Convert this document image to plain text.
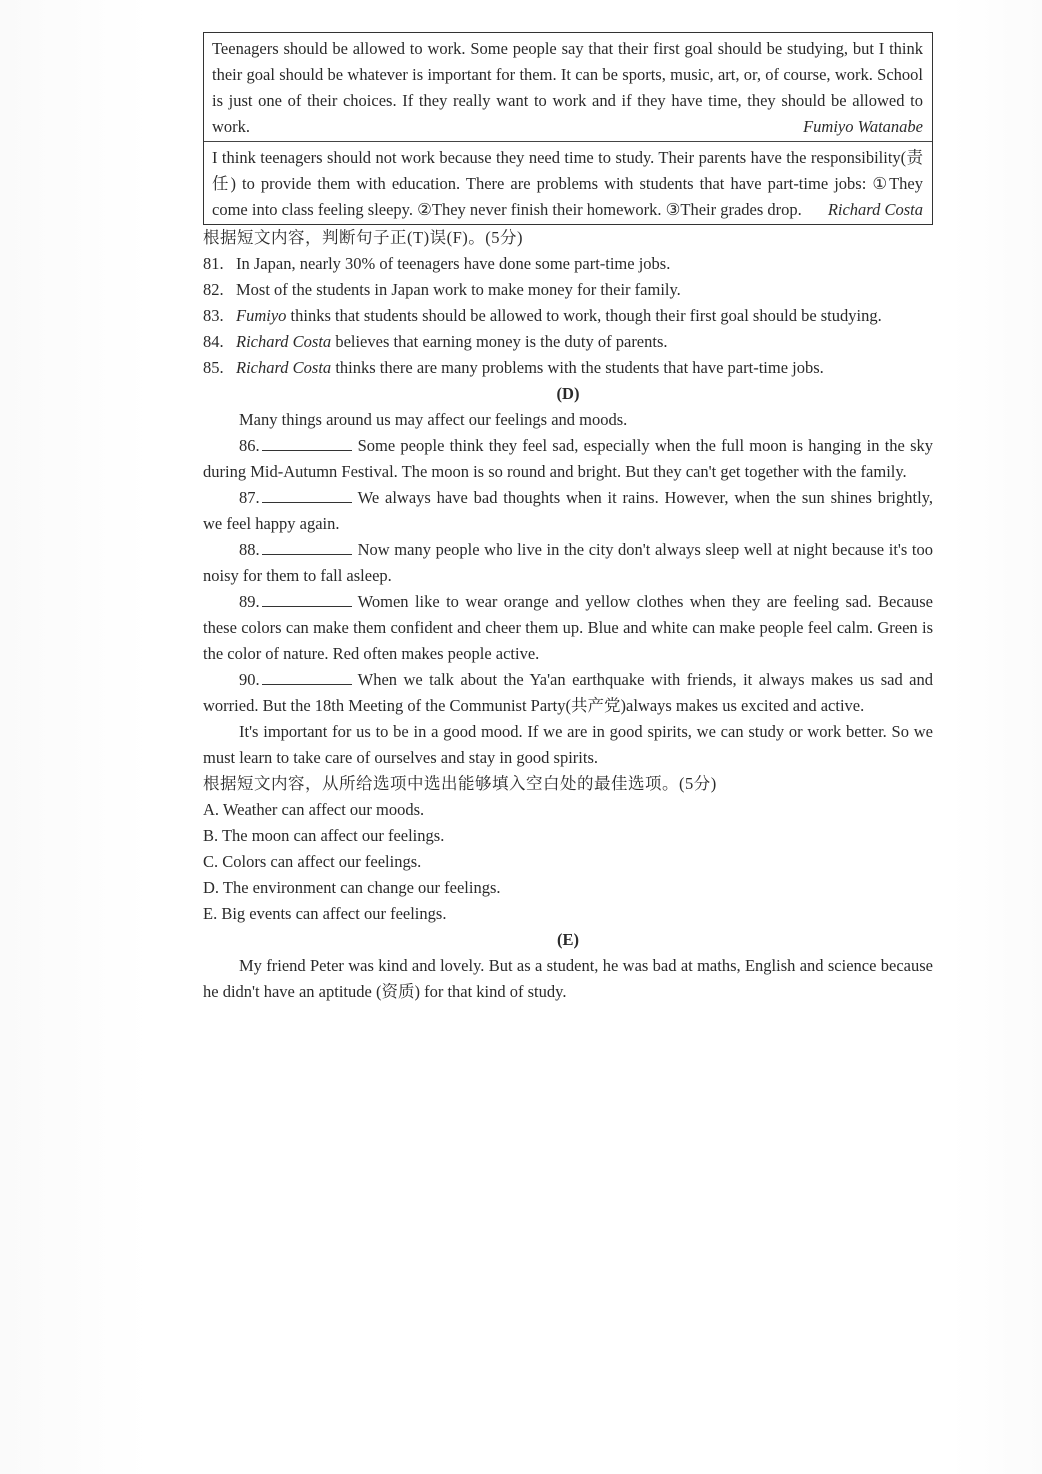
Teenagers should be allowed to work. Some people say that their first goal should be studying, but I think their goal should be whatever is important for them. It can be sports, music, art, or, of course, work. School is just one of their choices. If they really want to work and if they have time, they should be allowed to work.	Fumiyo Watanabe
I think teenagers should not work because they need time to study. Their parents have the responsibility(责任) to provide them with education. There are problems with students that have part-time jobs: ①They come into class feeling sleepy. ②They never finish their homework. ③Their grades drop. Richard Costa

根据短文内容，判断句子正(T)误(F)。(5分)

81. In Japan, nearly 30% of teenagers have done some part-time jobs.
82. Most of the students in Japan work to make money for their family.
83. Fumiyo thinks that students should be allowed to work, though their first goal should be studying.
84. Richard Costa believes that earning money is the duty of parents.
85. Richard Costa thinks there are many problems with the students that have part-time jobs.

(D)

Many things around us may affect our feelings and moods.

86.	Some people think they feel sad, especially when the full moon is hanging in the sky during Mid-Autumn Festival. The moon is so round and bright. But they can't get together with the family.

87.	We always have bad thoughts when it rains. However, when the sun shines brightly, we feel happy again.

88.	Now many people who live in the city don't always sleep well at night because it's too noisy for them to fall asleep.

89.	Women like to wear orange and yellow clothes when they are feeling sad. Because these colors can make them confident and cheer them up. Blue and white can make people feel calm. Green is the color of nature. Red often makes people active.

90.	When we talk about the Ya'an earthquake with friends, it always makes us sad and worried. But the 18th Meeting of the Communist Party(共产党)always makes us excited and active.

It's important for us to be in a good mood. If we are in good spirits, we can study or work better. So we must learn to take care of ourselves and stay in good spirits.

根据短文内容，从所给选项中选出能够填入空白处的最佳选项。(5分)

A. Weather can affect our moods.

B. The moon can affect our feelings.

C. Colors can affect our feelings.

D. The environment can change our feelings.

E. Big events can affect our feelings.

(E)

My friend Peter was kind and lovely. But as a student, he was bad at maths, English and science because he didn't have an aptitude (资质) for that kind of study.
